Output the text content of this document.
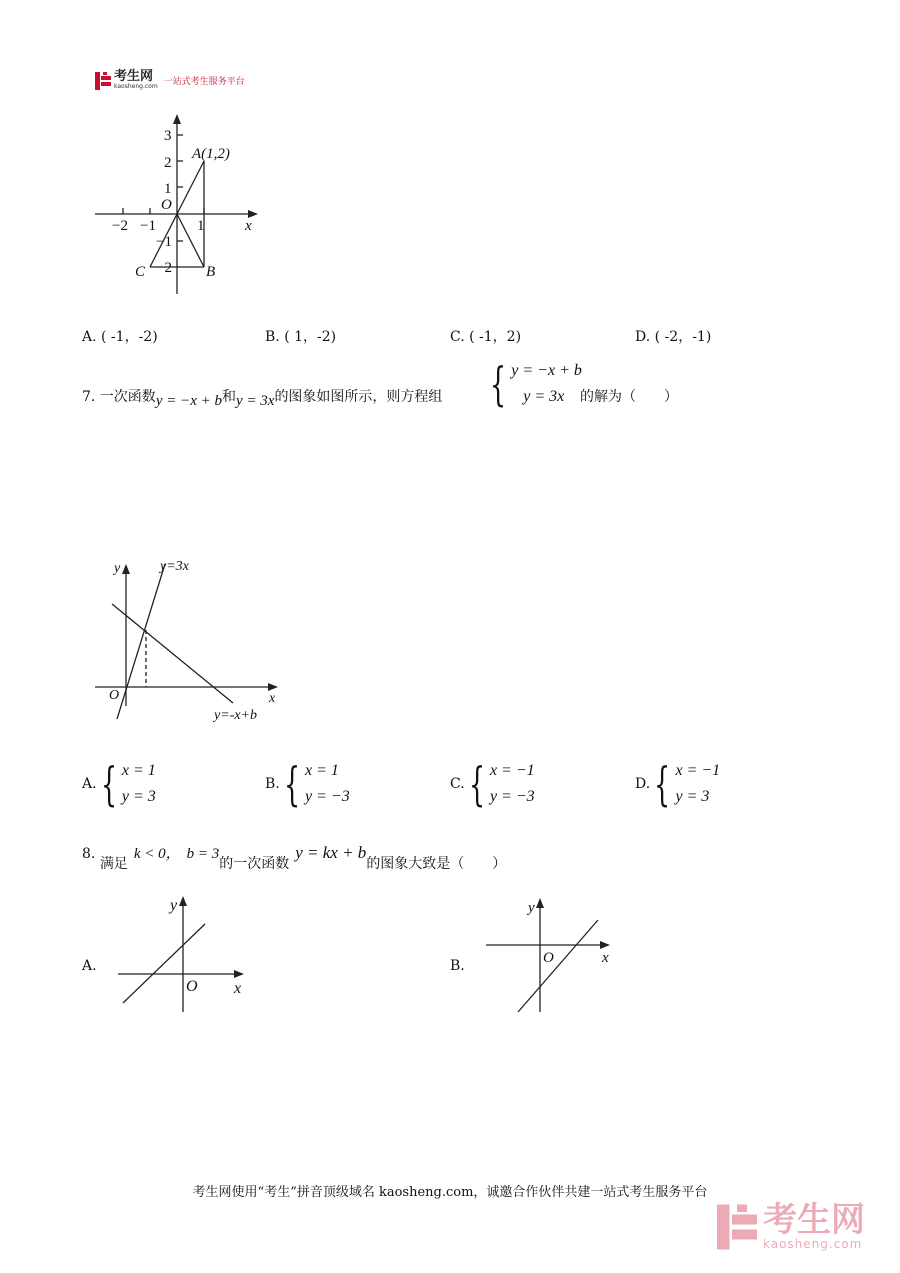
考生网
kaosheng.com 一站式考生服务平台
3
2
1
−1
−2
−2 −1	1
O
x
A(1,2)
B
C
A. ( -1，-2)	B. ( 1，-2)	C. ( -1，2)	D. ( -2，-1)
7. 一次函数y = −x + b和y = 3x的图象如图所示，则方程组 { y = −x + b
y = 3x	的解为（　　）
y
x
O
y=3x
y=-x+b
A. { x = 1
y = 3
B. { x = 1
y = −3
C. { x = −1
y = −3
D. { x = −1
y = 3
8. 满足k < 0， b = 3的一次函数y = kx + b的图象大致是（　　）
A.
y
x
O
B.
y
x
O
考生网使用“考生”拼音顶级域名 kaosheng.com，诚邀合作伙伴共建一站式考生服务平台
考生网
kaosheng.com
